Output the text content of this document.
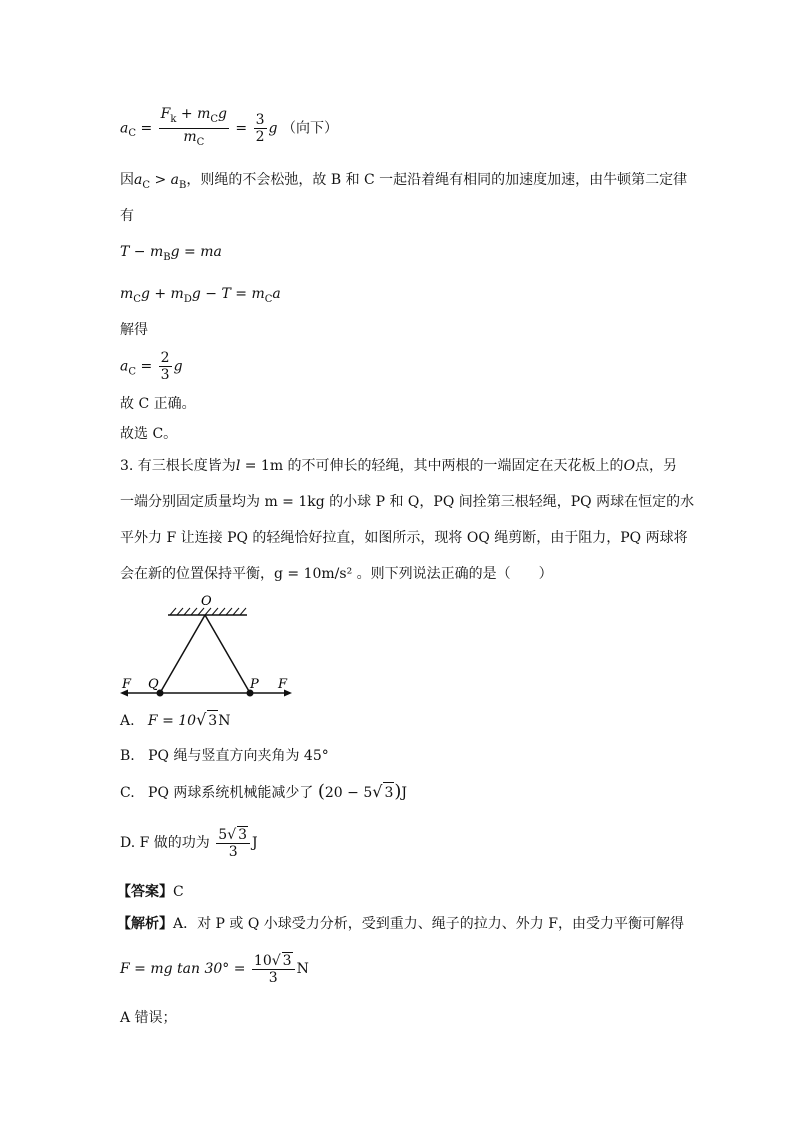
$a_C = \frac{F_k + m_Cg}{m_C} = \frac{3}{2}$ g （向下）
因$a_C > a_B$，则绳的不会松弛，故 B 和 C 一起沿着绳有相同的加速度加速，由牛顿第二定律
有
$T - m_Bg$ = ma
$m_Cg + m_Dg - T = m_Ca$
解得
$a_C = \frac{2}{3}$ g
故 C 正确。
故选 C。
3. 有三根长度皆为l = 1m 的不可伸长的轻绳，其中两根的一端固定在天花板上的O点，另
一端分别固定质量均为 m = 1kg 的小球 P 和 Q，PQ 间拴第三根轻绳，PQ 两球在恒定的水
平外力 F 让连接 PQ 的轻绳恰好拉直，如图所示，现将 OQ 绳剪断，由于阻力，PQ 两球将
会在新的位置保持平衡，g = 10m/s² 。则下列说法正确的是（　　）
O
Q	P
F	F
A. F = 10√ 3N
B. PQ 绳与竖直方向夹角为 45°
C. PQ 两球系统机械能减少了 (20 − 5√ 3)J
D. F 做的功为 $\frac{5√ 3}{3}$ J
【答案】C
【解析】A．对 P 或 Q 小球受力分析，受到重力、绳子的拉力、外力 F，由受力平衡可解得
F = mg $\tan 30^\circ = \frac{10√ 3}{3}$ N
A 错误；
